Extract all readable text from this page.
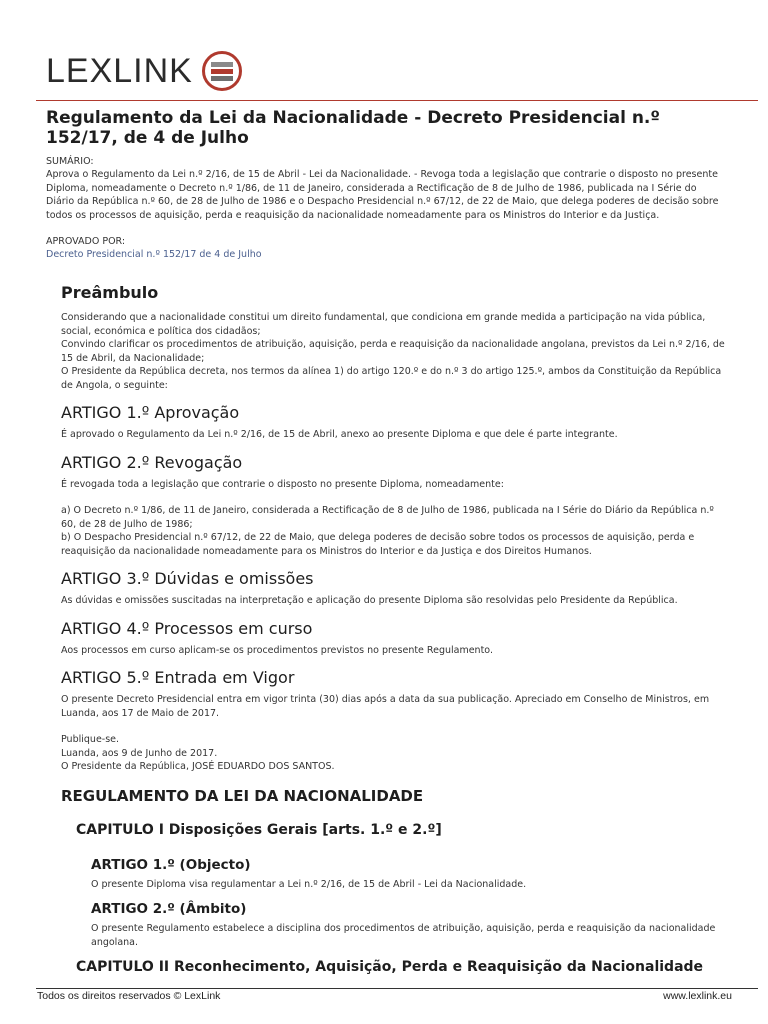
LEXLINK
Regulamento da Lei da Nacionalidade - Decreto Presidencial n.º 152/17, de 4 de Julho
SUMÁRIO:
Aprova o Regulamento da Lei n.º 2/16, de 15 de Abril - Lei da Nacionalidade. - Revoga toda a legislação que contrarie o disposto no presente Diploma, nomeadamente o Decreto n.º 1/86, de 11 de Janeiro, considerada a Rectificação de 8 de Julho de 1986, publicada na I Série do Diário da República n.º 60, de 28 de Julho de 1986 e o Despacho Presidencial n.º 67/12, de 22 de Maio, que delega poderes de decisão sobre todos os processos de aquisição, perda e reaquisição da nacionalidade nomeadamente para os Ministros do Interior e da Justiça.
APROVADO POR:
Decreto Presidencial n.º 152/17 de 4 de Julho
Preâmbulo

Considerando que a nacionalidade constitui um direito fundamental, que condiciona em grande medida a participação na vida pública, social, económica e política dos cidadãos;

Convindo clarificar os procedimentos de atribuição, aquisição, perda e reaquisição da nacionalidade angolana, previstos da Lei n.º 2/16, de 15 de Abril, da Nacionalidade;

O Presidente da República decreta, nos termos da alínea 1) do artigo 120.º e do n.º 3 do artigo 125.º, ambos da Constituição da República de Angola, o seguinte:

ARTIGO 1.º Aprovação

É aprovado o Regulamento da Lei n.º 2/16, de 15 de Abril, anexo ao presente Diploma e que dele é parte integrante.

ARTIGO 2.º Revogação

É revogada toda a legislação que contrarie o disposto no presente Diploma, nomeadamente:

a) O Decreto n.º 1/86, de 11 de Janeiro, considerada a Rectificação de 8 de Julho de 1986, publicada na I Série do Diário da República n.º 60, de 28 de Julho de 1986;

b) O Despacho Presidencial n.º 67/12, de 22 de Maio, que delega poderes de decisão sobre todos os processos de aquisição, perda e reaquisição da nacionalidade nomeadamente para os Ministros do Interior e da Justiça e dos Direitos Humanos.

ARTIGO 3.º Dúvidas e omissões

As dúvidas e omissões suscitadas na interpretação e aplicação do presente Diploma são resolvidas pelo Presidente da República.

ARTIGO 4.º Processos em curso

Aos processos em curso aplicam-se os procedimentos previstos no presente Regulamento.

ARTIGO 5.º Entrada em Vigor

O presente Decreto Presidencial entra em vigor trinta (30) dias após a data da sua publicação. Apreciado em Conselho de Ministros, em Luanda, aos 17 de Maio de 2017.

Publique-se.

Luanda, aos 9 de Junho de 2017.

O Presidente da República, JOSÉ EDUARDO DOS SANTOS.

REGULAMENTO DA LEI DA NACIONALIDADE
CAPITULO I Disposições Gerais [arts. 1.º e 2.º]
ARTIGO 1.º (Objecto)

O presente Diploma visa regulamentar a Lei n.º 2/16, de 15 de Abril - Lei da Nacionalidade.

ARTIGO 2.º (Âmbito)

O presente Regulamento estabelece a disciplina dos procedimentos de atribuição, aquisição, perda e reaquisição da nacionalidade angolana.

CAPITULO II Reconhecimento, Aquisição, Perda e Reaquisição da Nacionalidade
Todos os direitos reservados © LexLink	www.lexlink.eu
